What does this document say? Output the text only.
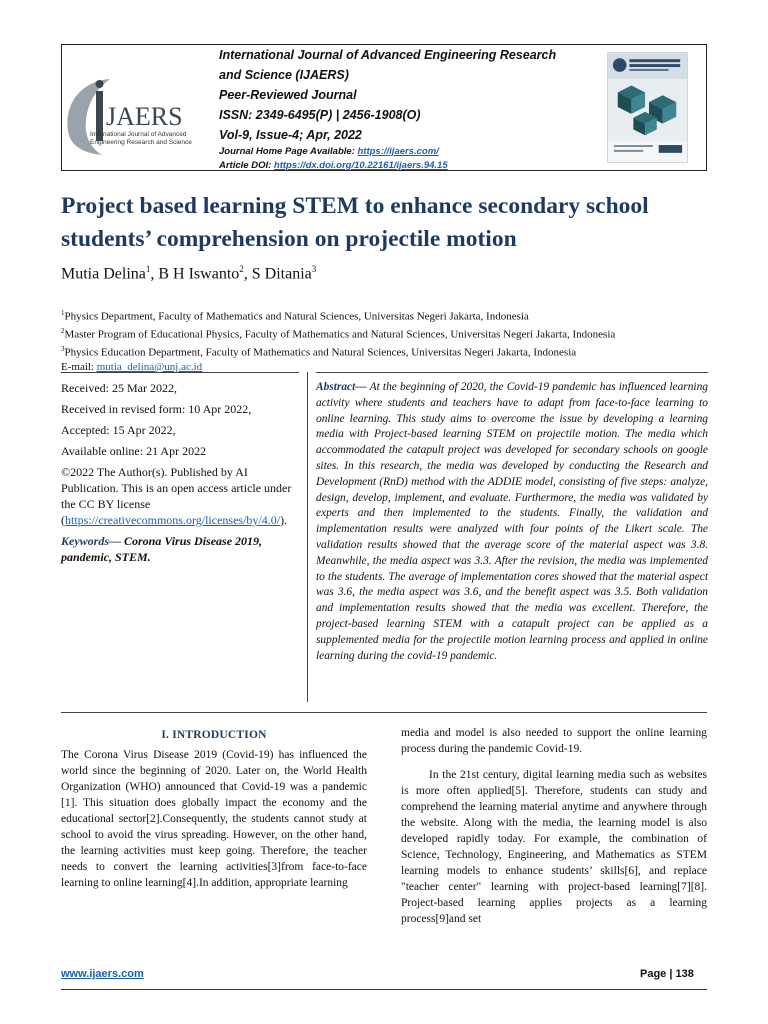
JAERS
International Journal of Advanced Engineering Research and Science
International Journal of Advanced Engineering Research
and Science (IJAERS)
Peer-Reviewed Journal
ISSN: 2349-6495(P) | 2456-1908(O)
Vol-9, Issue-4; Apr, 2022
Journal Home Page Available: https://ijaers.com/
Article DOI: https://dx.doi.org/10.22161/ijaers.94.15
Project based learning STEM to enhance secondary school students’ comprehension on projectile motion
Mutia Delina$^1$, B H Iswanto$^2$, S Ditania$^3$
$^1$Physics Department, Faculty of Mathematics and Natural Sciences, Universitas Negeri Jakarta, Indonesia
$^2$Master Program of Educational Physics, Faculty of Mathematics and Natural Sciences, Universitas Negeri Jakarta, Indonesia
$^3$Physics Education Department, Faculty of Mathematics and Natural Sciences, Universitas Negeri Jakarta, Indonesia
E-mail: mutia_delina@unj.ac.id
Received: 25 Mar 2022,
Received in revised form: 10 Apr 2022,
Accepted: 15 Apr 2022,
Available online: 21 Apr 2022
©2022 The Author(s). Published by AI Publication. This is an open access article under the CC BY license (https://creativecommons.org/licenses/by/4.0/).
Keywords— Corona Virus Disease 2019, pandemic, STEM.
Abstract— At the beginning of 2020, the Covid-19 pandemic has influenced learning activity where students and teachers have to adapt from face-to-face learning to online learning. This study aims to overcome the issue by developing a learning media with Project-based learning STEM on projectile motion. The media which accommodated the catapult project was developed for secondary schools on google sites. In this research, the media was developed by conducting the Research and Development (RnD) method with the ADDIE model, consisting of five steps: analyze, design, develop, implement, and evaluate. Furthermore, the media was validated by experts and then implemented to the students. Finally, the validation and implementation results were analyzed with four points of the Likert scale. The validation results showed that the average score of the material aspect was 3.8. Meanwhile, the media aspect was 3.3. After the revision, the media was implemented to the students. The average of implementation cores showed that the material aspect was 3.6, the media aspect was 3.6, and the benefit aspect was 3.5. Both validation and implementation results showed that the media was excellent. Therefore, the project-based learning STEM with a catapult project can be applied as a supplemented media for the projectile motion learning process and applied in online learning during the covid-19 pandemic.
I. INTRODUCTION
The Corona Virus Disease 2019 (Covid-19) has influenced the world since the beginning of 2020. Later on, the World Health Organization (WHO) announced that Covid-19 was a pandemic [1]. This situation does globally impact the economy and the educational sector[2].Consequently, the students cannot study at school to avoid the virus spreading. However, on the other hand, the learning activities must keep going. Therefore, the teacher needs to convert the learning activities[3]from face-to-face learning to online learning[4].In addition, appropriate learning
media and model is also needed to support the online learning process during the pandemic Covid-19.
In the 21st century, digital learning media such as websites is more often applied[5]. Therefore, students can study and comprehend the learning material anytime and anywhere through the website. Along with the media, the learning model is also developed rapidly today. For example, the combination of Science, Technology, Engineering, and Mathematics as STEM learning models to enhance students’ skills[6], and replace "teacher center" learning with project-based learning[7][8]. Project-based learning applies projects as a learning process[9]and set
www.ijaers.com	Page | 138
